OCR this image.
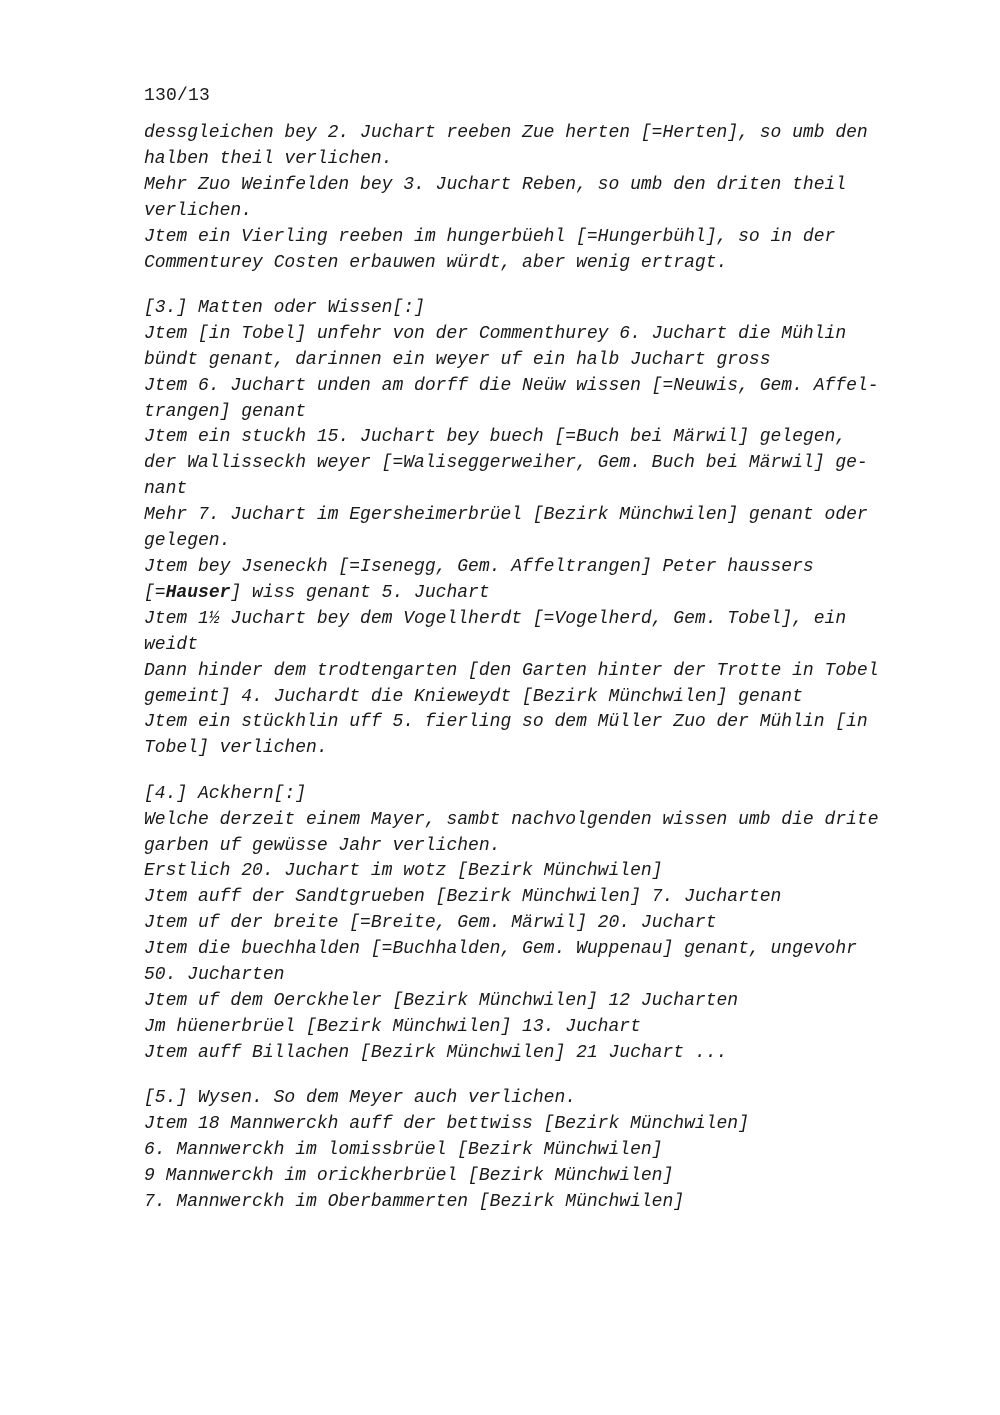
130/13
dessgleichen bey 2. Juchart reeben Zue herten [=Herten], so umb den
halben theil verlichen.
Mehr Zuo Weinfelden bey 3. Juchart Reben, so umb den driten theil
verlichen.
Jtem ein Vierling reeben im hungerbüehl [=Hungerbühl], so in der
Commenturey Costen erbauwen würdt, aber wenig ertragt.
[3.] Matten oder Wissen[:]
Jtem [in Tobel] unfehr von der Commenthurey 6. Juchart die Mühlin
bündt genant, darinnen ein weyer uf ein halb Juchart gross
Jtem 6. Juchart unden am dorff die Neüw wissen [=Neuwis, Gem. Affel-
trangen] genant
Jtem ein stuckh 15. Juchart bey buech [=Buch bei Märwil] gelegen,
der Wallisseckh weyer [=Waliseggerweiher, Gem. Buch bei Märwil] ge-
nant
Mehr 7. Juchart im Egersheimerbrüel [Bezirk Münchwilen] genant oder
gelegen.
Jtem bey Jseneckh [=Isenegg, Gem. Affeltrangen] Peter haussers
[=Hauser] wiss genant 5. Juchart
Jtem 1½ Juchart bey dem Vogellherdt [=Vogelherd, Gem. Tobel], ein
weidt
Dann hinder dem trodtengarten [den Garten hinter der Trotte in Tobel
gemeint] 4. Juchardt die Knieweydt [Bezirk Münchwilen] genant
Jtem ein stückhlin uff 5. fierling so dem Müller Zuo der Mühlin [in
Tobel] verlichen.
[4.] Ackhern[:]
Welche derzeit einem Mayer, sambt nachvolgenden wissen umb die drite
garben uf gewüsse Jahr verlichen.
Erstlich 20. Juchart im wotz [Bezirk Münchwilen]
Jtem auff der Sandtgrueben [Bezirk Münchwilen] 7. Jucharten
Jtem uf der breite [=Breite, Gem. Märwil] 20. Juchart
Jtem die buechhalden [=Buchhalden, Gem. Wuppenau] genant, ungevohr
50. Jucharten
Jtem uf dem Oerckheler [Bezirk Münchwilen] 12 Jucharten
Jm hüenerbrüel [Bezirk Münchwilen] 13. Juchart
Jtem auff Billachen [Bezirk Münchwilen] 21 Juchart ...
[5.] Wysen. So dem Meyer auch verlichen.
Jtem 18 Mannwerckh auff der bettwiss [Bezirk Münchwilen]
6. Mannwerckh im lomissbrüel [Bezirk Münchwilen]
9 Mannwerckh im orickherbrüel [Bezirk Münchwilen]
7. Mannwerckh im Oberbammerten [Bezirk Münchwilen]
